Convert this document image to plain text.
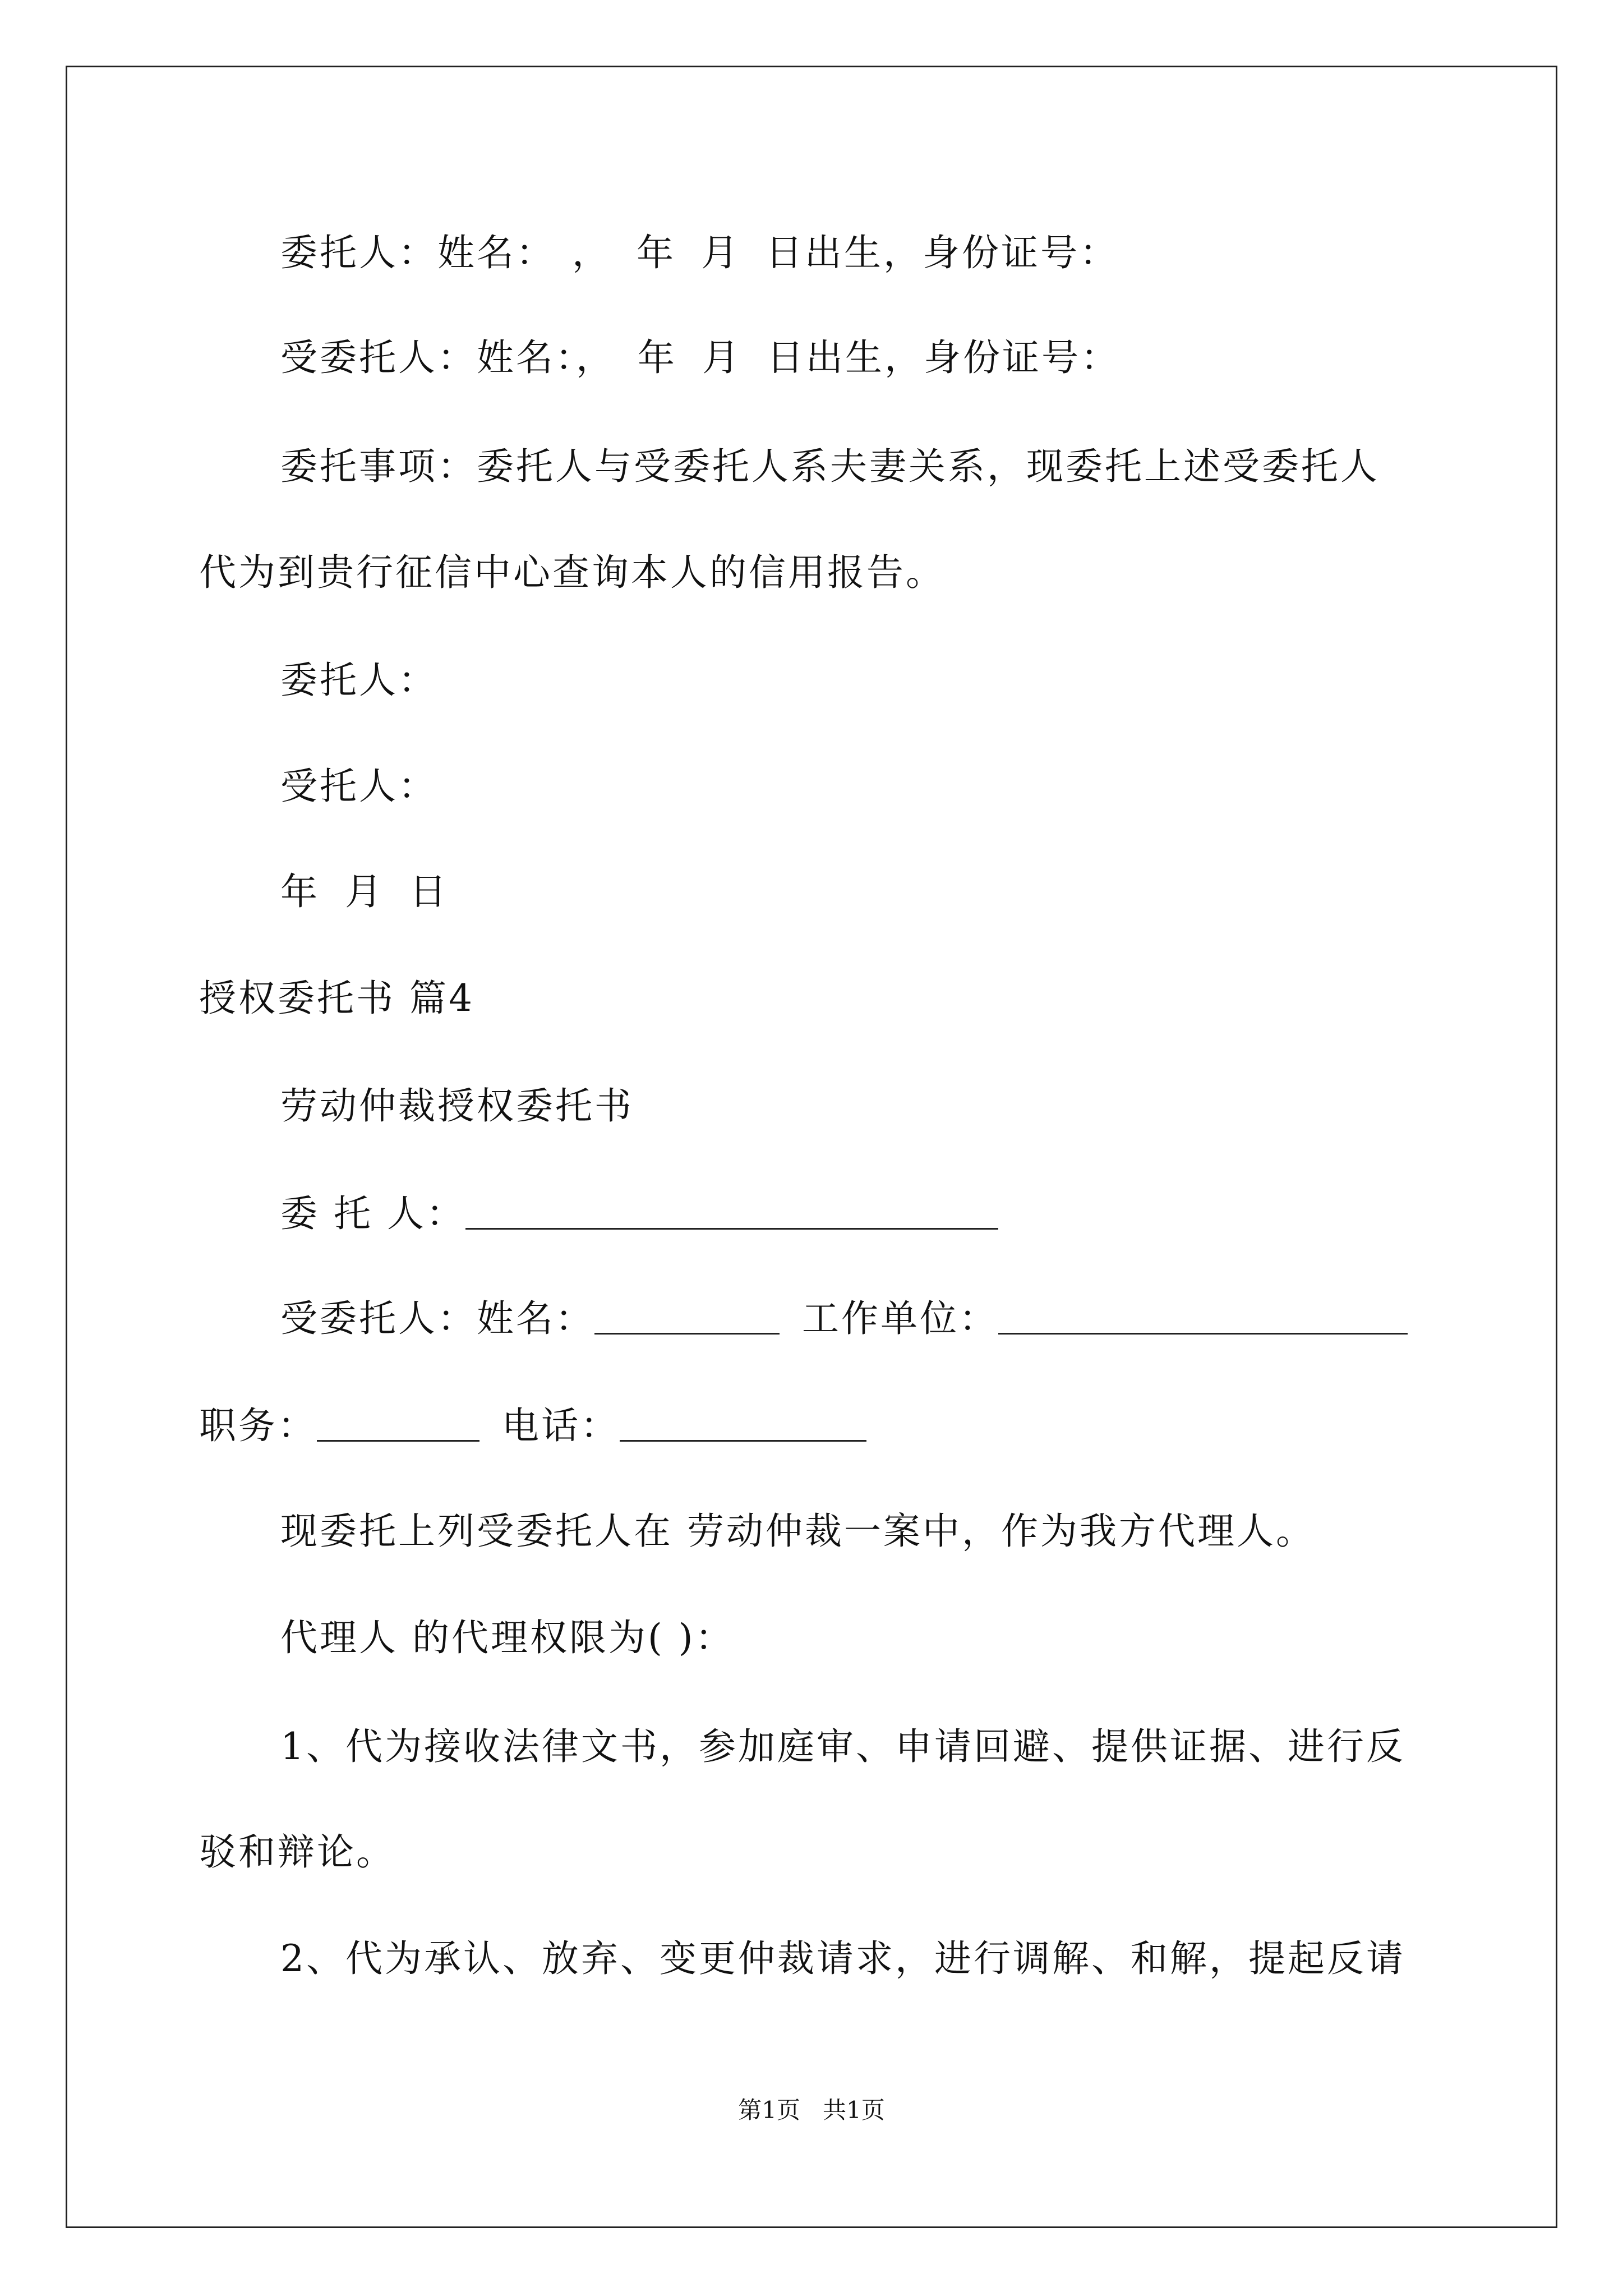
委托人：姓名： ， 年 月 日出生，身份证号：
受委托人：姓名：， 年 月 日出生，身份证号：
委托事项：委托人与受委托人系夫妻关系，现委托上述受委托人
代为到贵行征信中心查询本人的信用报告。
委托人：
受托人：
年 月 日
授权委托书 篇4
劳动仲裁授权委托书
委 托 人：
受委托人：姓名：	工作单位：
职务：	电话：
现委托上列受委托人在 劳动仲裁一案中，作为我方代理人。
代理人 的代理权限为( )：
1、代为接收法律文书，参加庭审、申请回避、提供证据、进行反
驳和辩论。
2、代为承认、放弃、变更仲裁请求，进行调解、和解，提起反请
第1页 共1页
